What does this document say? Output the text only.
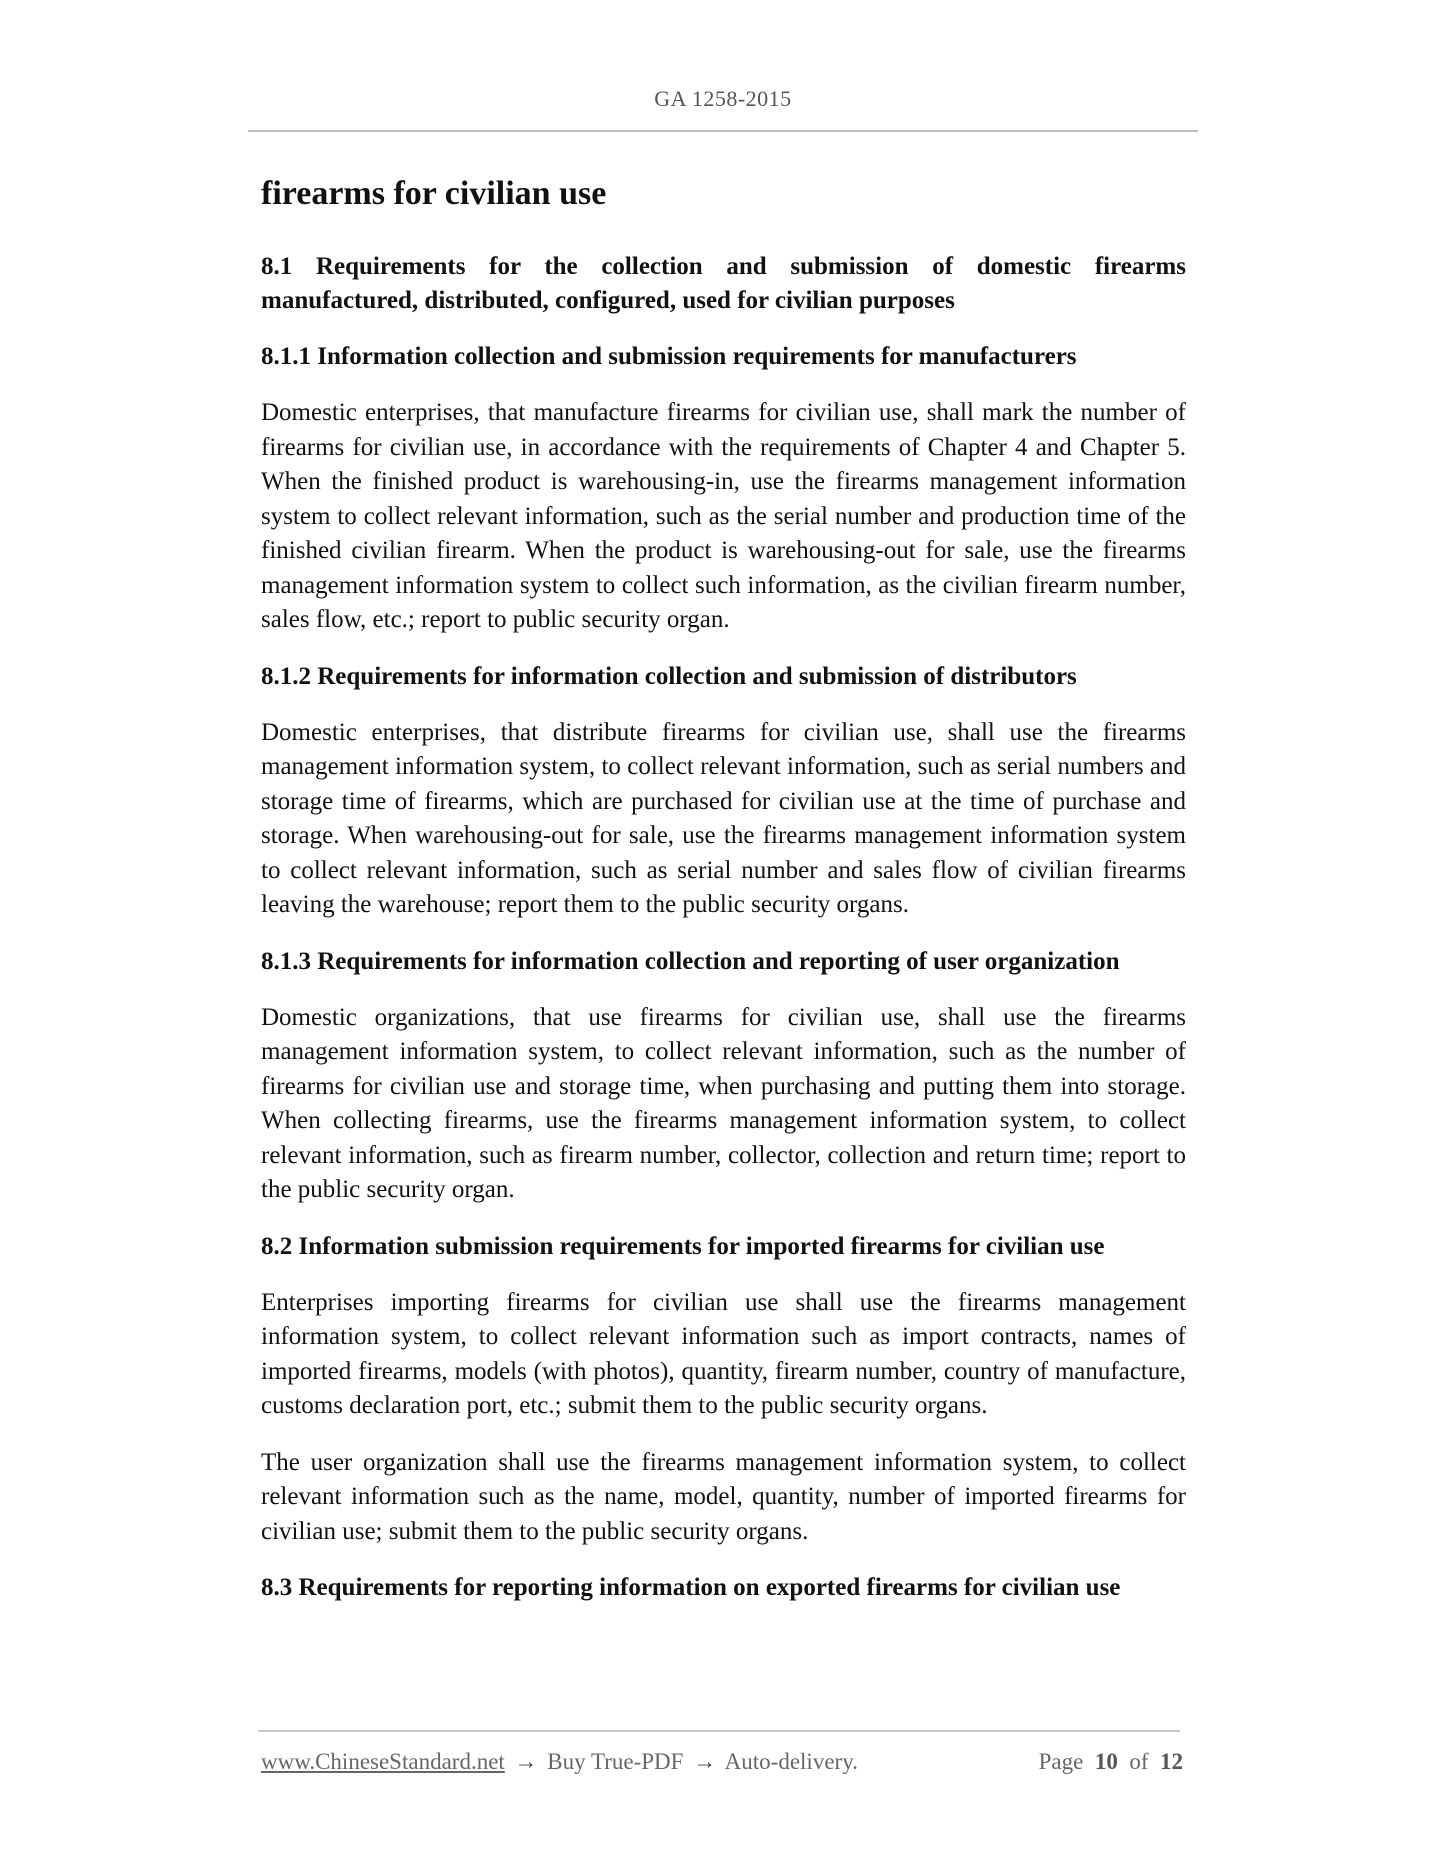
GA 1258-2015
firearms for civilian use
8.1 Requirements for the collection and submission of domestic firearms manufactured, distributed, configured, used for civilian purposes
8.1.1 Information collection and submission requirements for manufacturers
Domestic enterprises, that manufacture firearms for civilian use, shall mark the number of firearms for civilian use, in accordance with the requirements of Chapter 4 and Chapter 5. When the finished product is warehousing-in, use the firearms management information system to collect relevant information, such as the serial number and production time of the finished civilian firearm. When the product is warehousing-out for sale, use the firearms management information system to collect such information, as the civilian firearm number, sales flow, etc.; report to public security organ.
8.1.2 Requirements for information collection and submission of distributors
Domestic enterprises, that distribute firearms for civilian use, shall use the firearms management information system, to collect relevant information, such as serial numbers and storage time of firearms, which are purchased for civilian use at the time of purchase and storage. When warehousing-out for sale, use the firearms management information system to collect relevant information, such as serial number and sales flow of civilian firearms leaving the warehouse; report them to the public security organs.
8.1.3 Requirements for information collection and reporting of user organization
Domestic organizations, that use firearms for civilian use, shall use the firearms management information system, to collect relevant information, such as the number of firearms for civilian use and storage time, when purchasing and putting them into storage. When collecting firearms, use the firearms management information system, to collect relevant information, such as firearm number, collector, collection and return time; report to the public security organ.
8.2 Information submission requirements for imported firearms for civilian use
Enterprises importing firearms for civilian use shall use the firearms management information system, to collect relevant information such as import contracts, names of imported firearms, models (with photos), quantity, firearm number, country of manufacture, customs declaration port, etc.; submit them to the public security organs.
The user organization shall use the firearms management information system, to collect relevant information such as the name, model, quantity, number of imported firearms for civilian use; submit them to the public security organs.
8.3 Requirements for reporting information on exported firearms for civilian use
www.ChineseStandard.net → Buy True-PDF → Auto-delivery.	Page 10 of 12
